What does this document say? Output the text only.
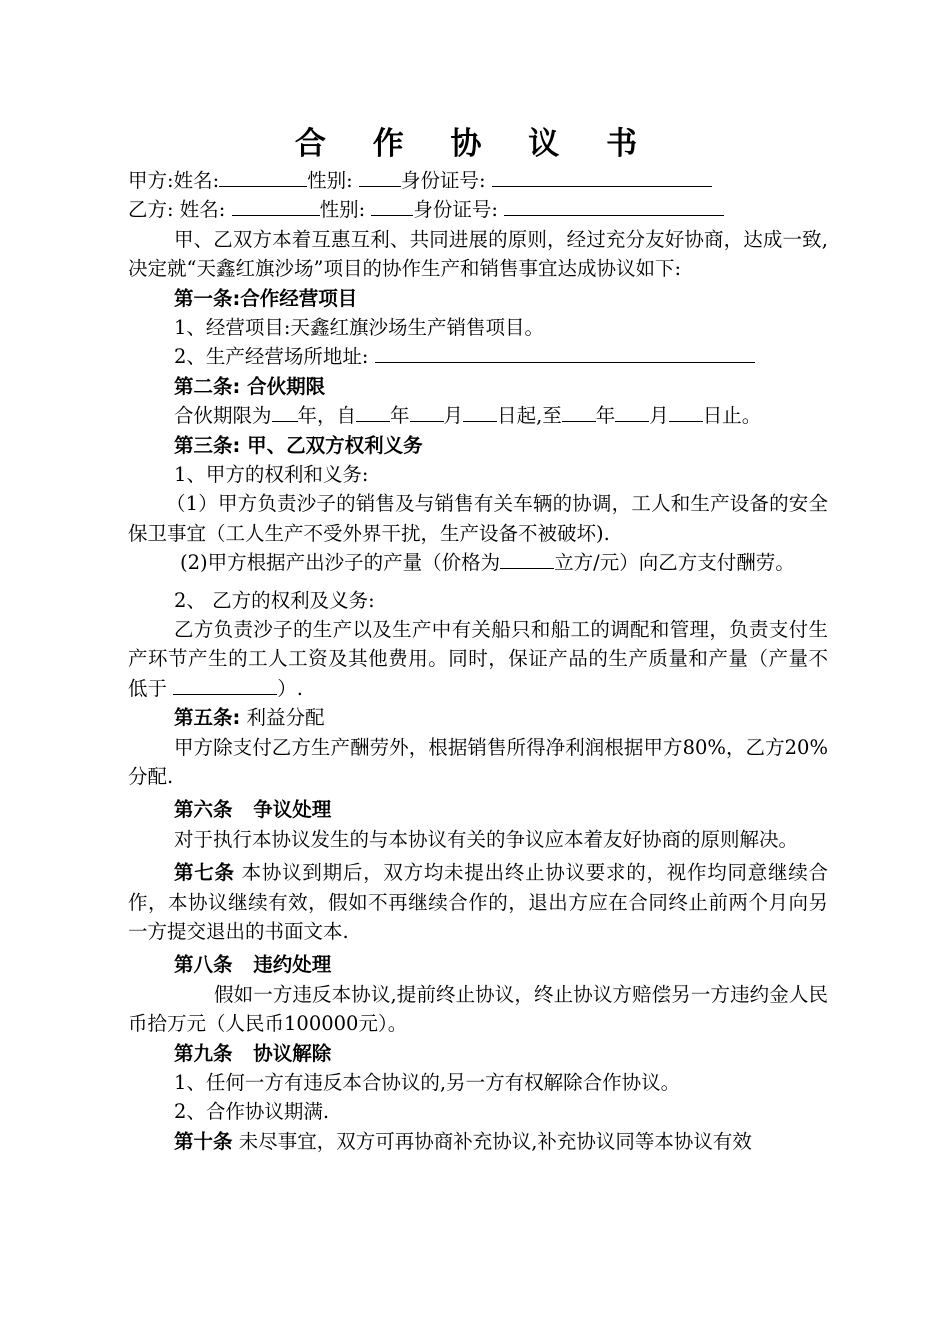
合 作 协 议 书
甲方:姓名:	性别: 身份证号:
乙方: 姓名:	性别: 身份证号:
甲、乙双方本着互惠互利、共同进展的原则，经过充分友好协商，达成一致,决定就“天鑫红旗沙场”项目的协作生产和销售事宜达成协议如下:
第一条:合作经营项目
1、经营项目:天鑫红旗沙场生产销售项目。
2、生产经营场所地址:
第二条: 合伙期限
合伙期限为 年，自 年 月 日起,至 年 月 日止。
第三条: 甲、乙双方权利义务
1、甲方的权利和义务:
（1）甲方负责沙子的销售及与销售有关车辆的协调，工人和生产设备的安全保卫事宜（工人生产不受外界干扰，生产设备不被破坏).
(2)甲方根据产出沙子的产量（价格为	立方/元）向乙方支付酬劳。
2、 乙方的权利及义务:
乙方负责沙子的生产以及生产中有关船只和船工的调配和管理，负责支付生产环节产生的工人工资及其他费用。同时，保证产品的生产质量和产量（产量不低于	）.
第五条: 利益分配
甲方除支付乙方生产酬劳外，根据销售所得净利润根据甲方80%，乙方20%分配.
第六条 争议处理
对于执行本协议发生的与本协议有关的争议应本着友好协商的原则解决。
第七条 本协议到期后，双方均未提出终止协议要求的，视作均同意继续合作，本协议继续有效，假如不再继续合作的，退出方应在合同终止前两个月向另一方提交退出的书面文本.
第八条 违约处理
假如一方违反本协议,提前终止协议，终止协议方赔偿另一方违约金人民币拾万元（人民币100000元）。
第九条 协议解除
1、任何一方有违反本合协议的,另一方有权解除合作协议。
2、合作协议期满.
第十条 未尽事宜，双方可再协商补充协议,补充协议同等本协议有效
